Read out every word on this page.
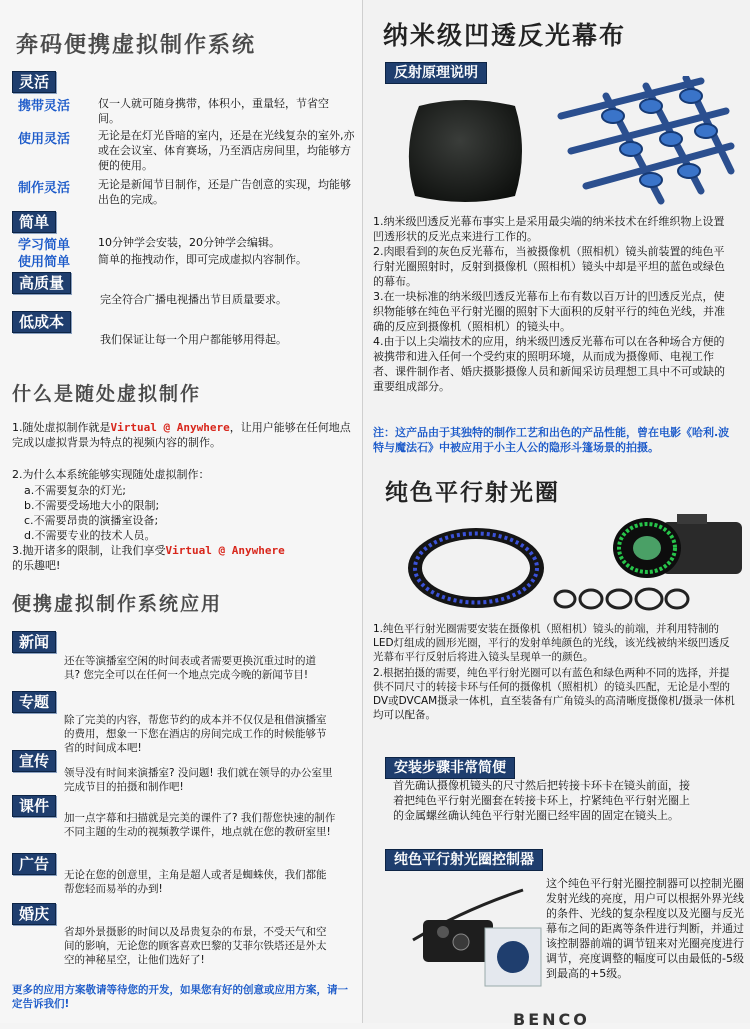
奔码便携虚拟制作系统
灵活
携带灵活	仅一人就可随身携带，体积小，重量轻，节省空间。
使用灵活	无论是在灯光昏暗的室内，还是在光线复杂的室外,亦或在会议室、体育赛场，乃至酒店房间里，均能够方便的使用。
制作灵活	无论是新闻节目制作，还是广告创意的实现，均能够出色的完成。
简单
学习简单	10分钟学会安装，20分钟学会编辑。
使用简单	简单的拖拽动作，即可完成虚拟内容制作。
高质量
完全符合广播电视播出节目质量要求。
低成本
我们保证让每一个用户都能够用得起。
什么是随处虚拟制作
1.随处虚拟制作就是Virtual @ Anywhere，让用户能够在任何地点完成以虚拟背景为特点的视频内容的制作。
2.为什么本系统能够实现随处虚拟制作：
a.不需要复杂的灯光;
b.不需要受场地大小的限制;
c.不需要昂贵的演播室设备;
d.不需要专业的技术人员。
3.抛开诸多的限制，让我们享受Virtual @ Anywhere
的乐趣吧!
便携虚拟制作系统应用
新闻
还在等演播室空闲的时间表或者需要更换沉重过时的道具? 您完全可以在任何一个地点完成今晚的新闻节目!
专题
除了完美的内容，帮您节约的成本并不仅仅是租借演播室的费用，想象一下您在酒店的房间完成工作的时候能够节省的时间成本吧!
宣传
领导没有时间来演播室? 没问题! 我们就在领导的办公室里完成节目的拍摄和制作吧!
课件
加一点字幕和扫描就是完美的课件了? 我们帮您快速的制作不同主题的生动的视频教学课件，地点就在您的教研室里!
广告
无论在您的创意里，主角是超人或者是蜘蛛侠，我们都能帮您轻而易举的办到!
婚庆
省却外景摄影的时间以及昂贵复杂的布景，不受天气和空间的影响，无论您的顾客喜欢巴黎的艾菲尔铁塔还是外太空的神秘星空，让他们选好了!
更多的应用方案敬请等待您的开发，如果您有好的创意或应用方案，请一定告诉我们!
纳米级凹透反光幕布
反射原理说明
1.纳米级凹透反光幕布事实上是采用最尖端的纳米技术在纤维织物上设置凹透形状的反光点来进行工作的。
2.肉眼看到的灰色反光幕布，当被摄像机（照相机）镜头前装置的纯色平行射光圈照射时，反射到摄像机（照相机）镜头中却是平坦的蓝色或绿色的幕布。
3.在一块标准的纳米级凹透反光幕布上布有数以百万计的凹透反光点，使织物能够在纯色平行射光圈的照射下大面积的反射平行的纯色光线，并准确的反应到摄像机（照相机）的镜头中。
4.由于以上尖端技术的应用，纳米级凹透反光幕布可以在各种场合方便的被携带和进入任何一个受约束的照明环境，从而成为摄像师、电视工作者、课件制作者、婚庆摄影摄像人员和新闻采访员理想工具中不可或缺的重要组成部分。
注：这产品由于其独特的制作工艺和出色的产品性能，曾在电影《哈利.波特与魔法石》中被应用于小主人公的隐形斗篷场景的拍摄。
纯色平行射光圈
1.纯色平行射光圈需要安装在摄像机（照相机）镜头的前端，并利用特制的LED灯组成的圆形光圈，平行的发射单纯颜色的光线，该光线被纳米级凹透反光幕布平行反射后将进入镜头呈现单一的颜色。
2.根据拍摄的需要，纯色平行射光圈可以有蓝色和绿色两种不同的选择，并提供不同尺寸的转接卡环与任何的摄像机（照相机）的镜头匹配，无论是小型的DV或DVCAM摄录一体机，直至装备有广角镜头的高清晰度摄像机/摄录一体机均可以配备。
安装步骤非常简便
首先确认摄像机镜头的尺寸然后把转接卡环卡在镜头前面，接着把纯色平行射光圈套在转接卡环上，拧紧纯色平行射光圈上的金属螺丝确认纯色平行射光圈已经牢固的固定在镜头上。
纯色平行射光圈控制器
这个纯色平行射光圈控制器可以控制光圈发射光线的亮度，用户可以根据外界光线的条件、光线的复杂程度以及光圈与反光幕布之间的距离等条件进行判断，并通过该控制器前端的调节钮来对光圈亮度进行调节，亮度调整的幅度可以由最低的-5级到最高的+5级。
BENCO
